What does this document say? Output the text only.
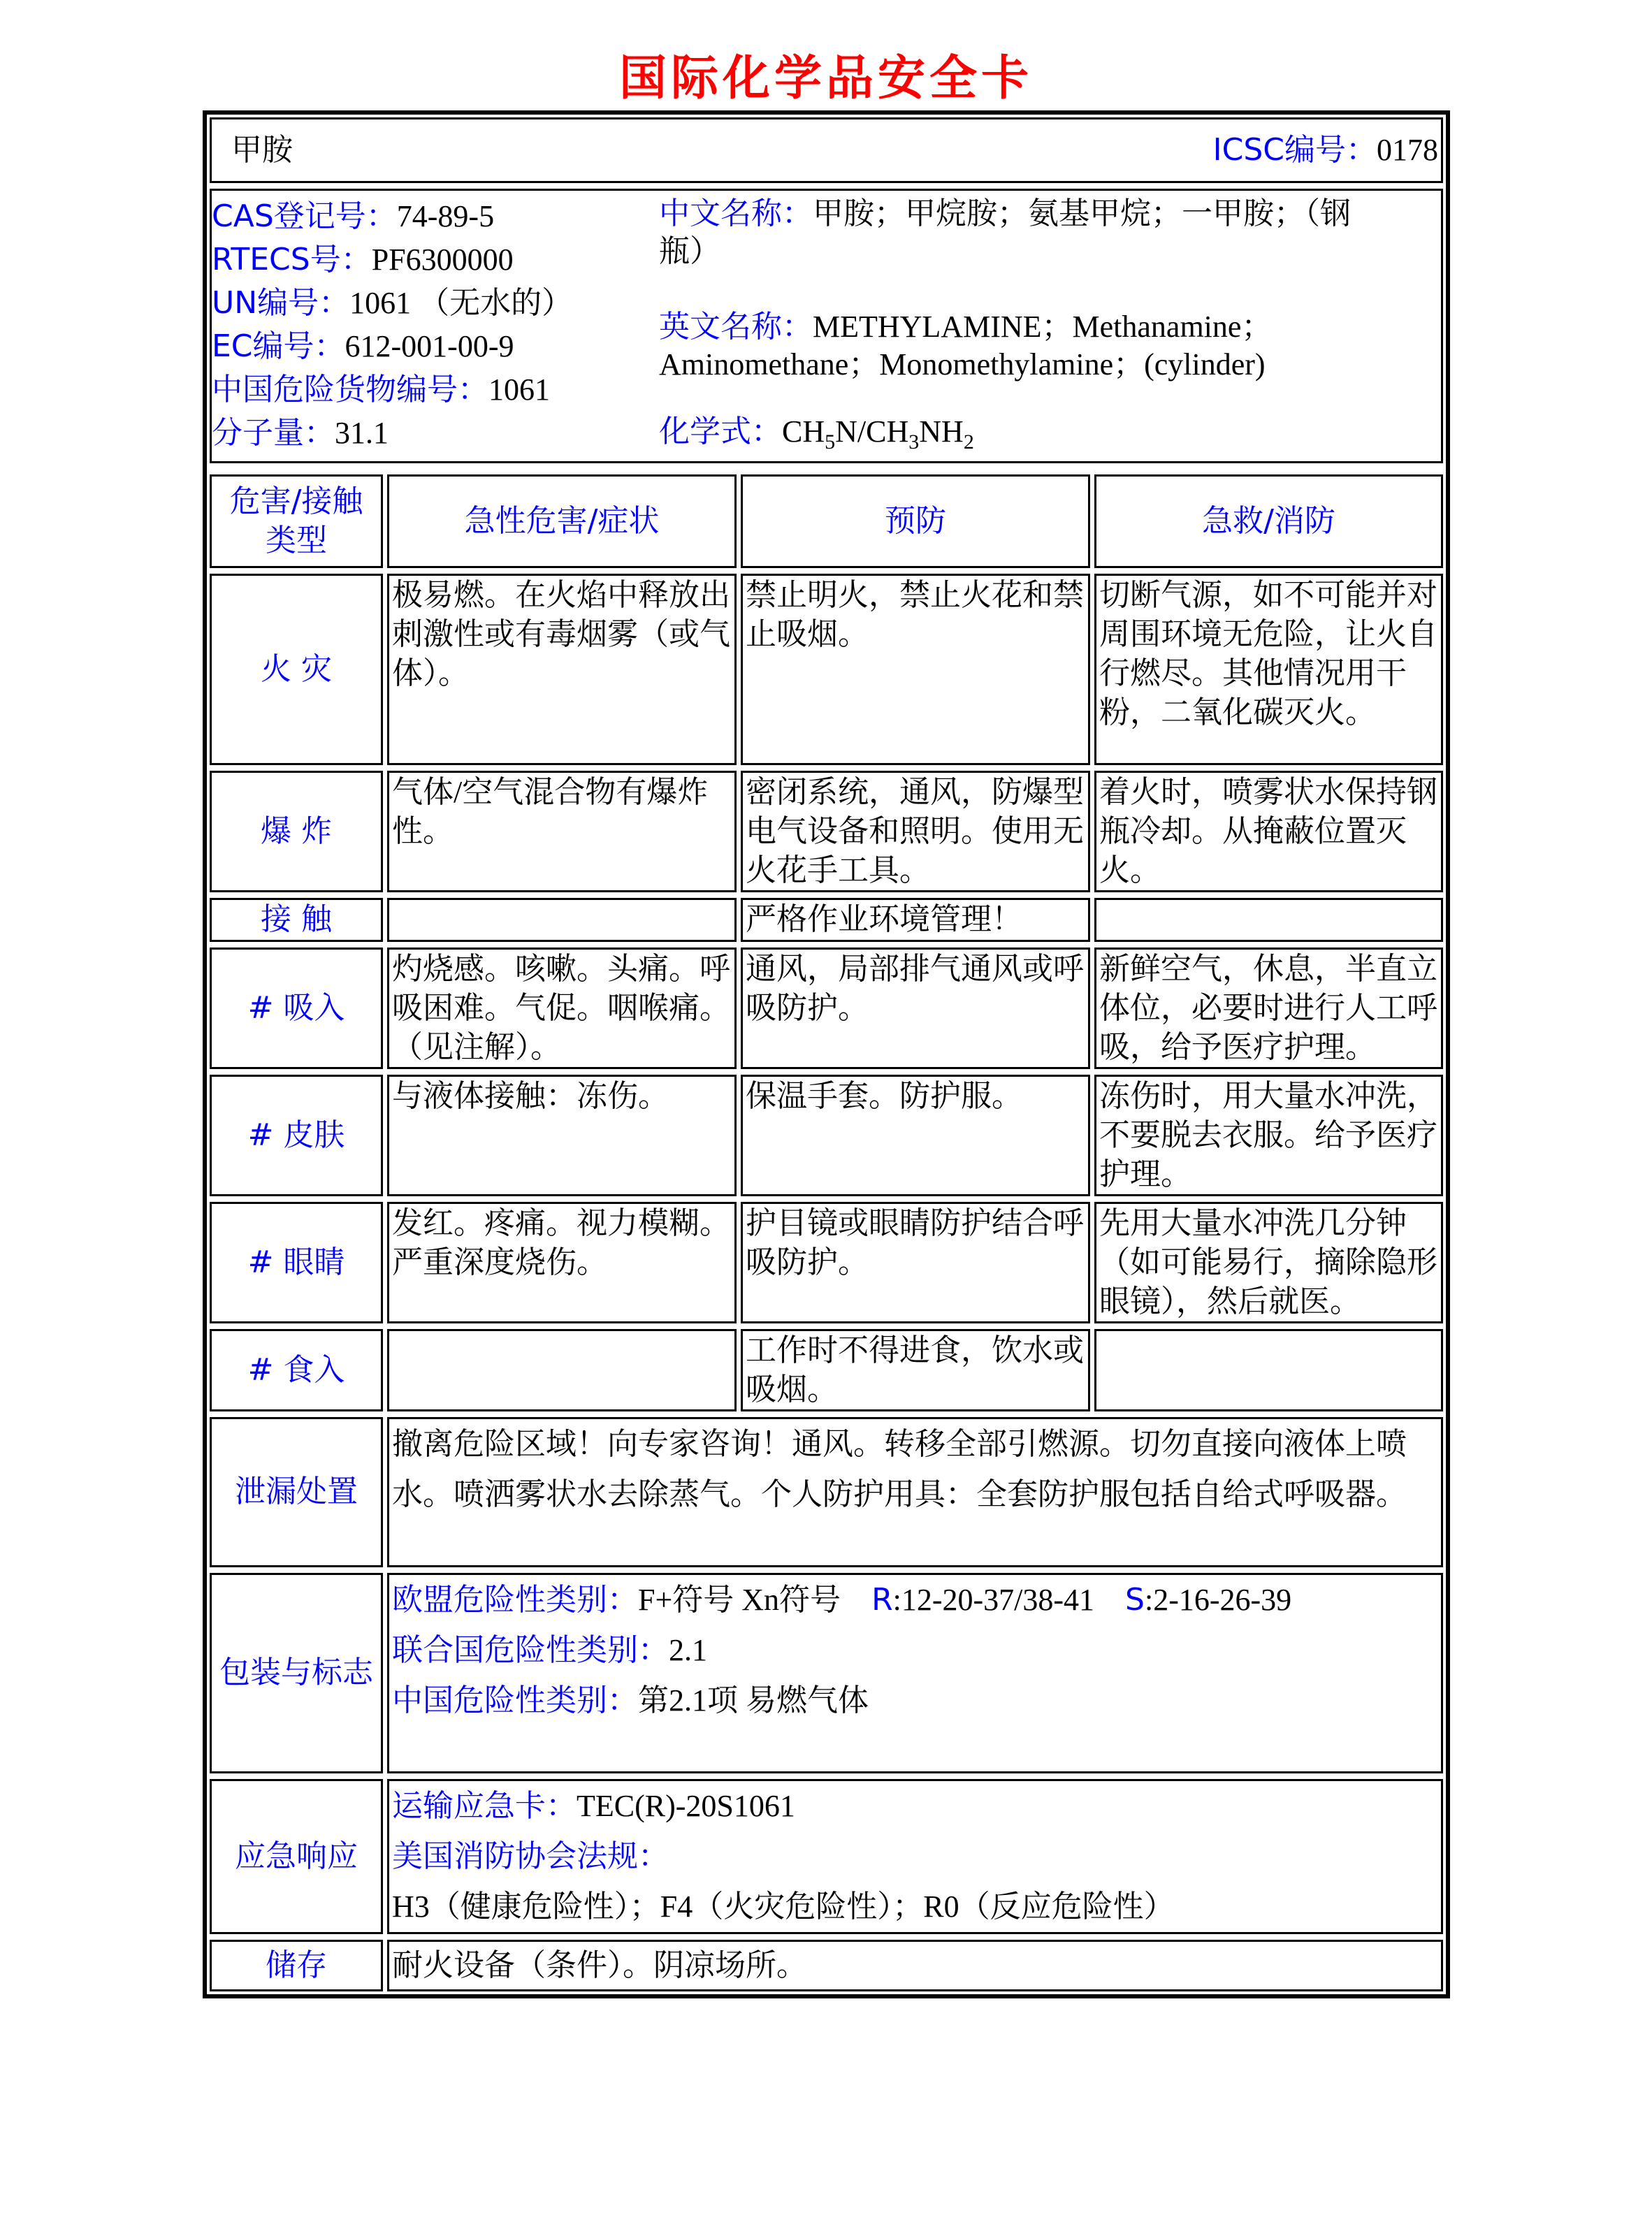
国际化学品安全卡
甲胺	ICSC编号：0178

CAS登记号：74-89-5
RTECS号：PF6300000
UN编号：1061 （无水的）
EC编号：612-001-00-9
中国危险货物编号：1061
分子量：31.1
中文名称：甲胺；甲烷胺；氨基甲烷；一甲胺；（钢瓶）
英文名称：METHYLAMINE；Methanamine；Aminomethane；Monomethylamine；(cylinder)
化学式：$CH_5N/CH_3NH_2$
危害/接触类型	急性危害/症状	预防	急救/消防
火 灾	极易燃。在火焰中释放出刺激性或有毒烟雾（或气体）。	禁止明火，禁止火花和禁止吸烟。	切断气源，如不可能并对周围环境无危险，让火自行燃尽。其他情况用干粉，二氧化碳灭火。
爆 炸	气体/空气混合物有爆炸性。	密闭系统，通风，防爆型电气设备和照明。使用无火花手工具。	着火时，喷雾状水保持钢瓶冷却。从掩蔽位置灭火。
接 触		严格作业环境管理！	
# 吸入	灼烧感。咳嗽。头痛。呼吸困难。气促。咽喉痛。（见注解）。	通风，局部排气通风或呼吸防护。	新鲜空气，休息，半直立体位，必要时进行人工呼吸，给予医疗护理。
# 皮肤	与液体接触：冻伤。	保温手套。防护服。	冻伤时，用大量水冲洗，不要脱去衣服。给予医疗护理。
# 眼睛	发红。疼痛。视力模糊。严重深度烧伤。	护目镜或眼睛防护结合呼吸防护。	先用大量水冲洗几分钟（如可能易行，摘除隐形眼镜），然后就医。
# 食入		工作时不得进食，饮水或吸烟。	
泄漏处置	撤离危险区域！向专家咨询！通风。转移全部引燃源。切勿直接向液体上喷水。喷洒雾状水去除蒸气。个人防护用具：全套防护服包括自给式呼吸器。		
包装与标志	欧盟危险性类别：F+符号 Xn符号 R:12-20-37/38-41 S:2-16-26-39
联合国危险性类别：2.1
中国危险性类别：第2.1项 易燃气体		

应急响应	运输应急卡：TEC(R)-20S1061
美国消防协会法规：H3（健康危险性）；F4（火灾危险性）；R0（反应危险性）		

储存	耐火设备（条件）。阴凉场所。		
